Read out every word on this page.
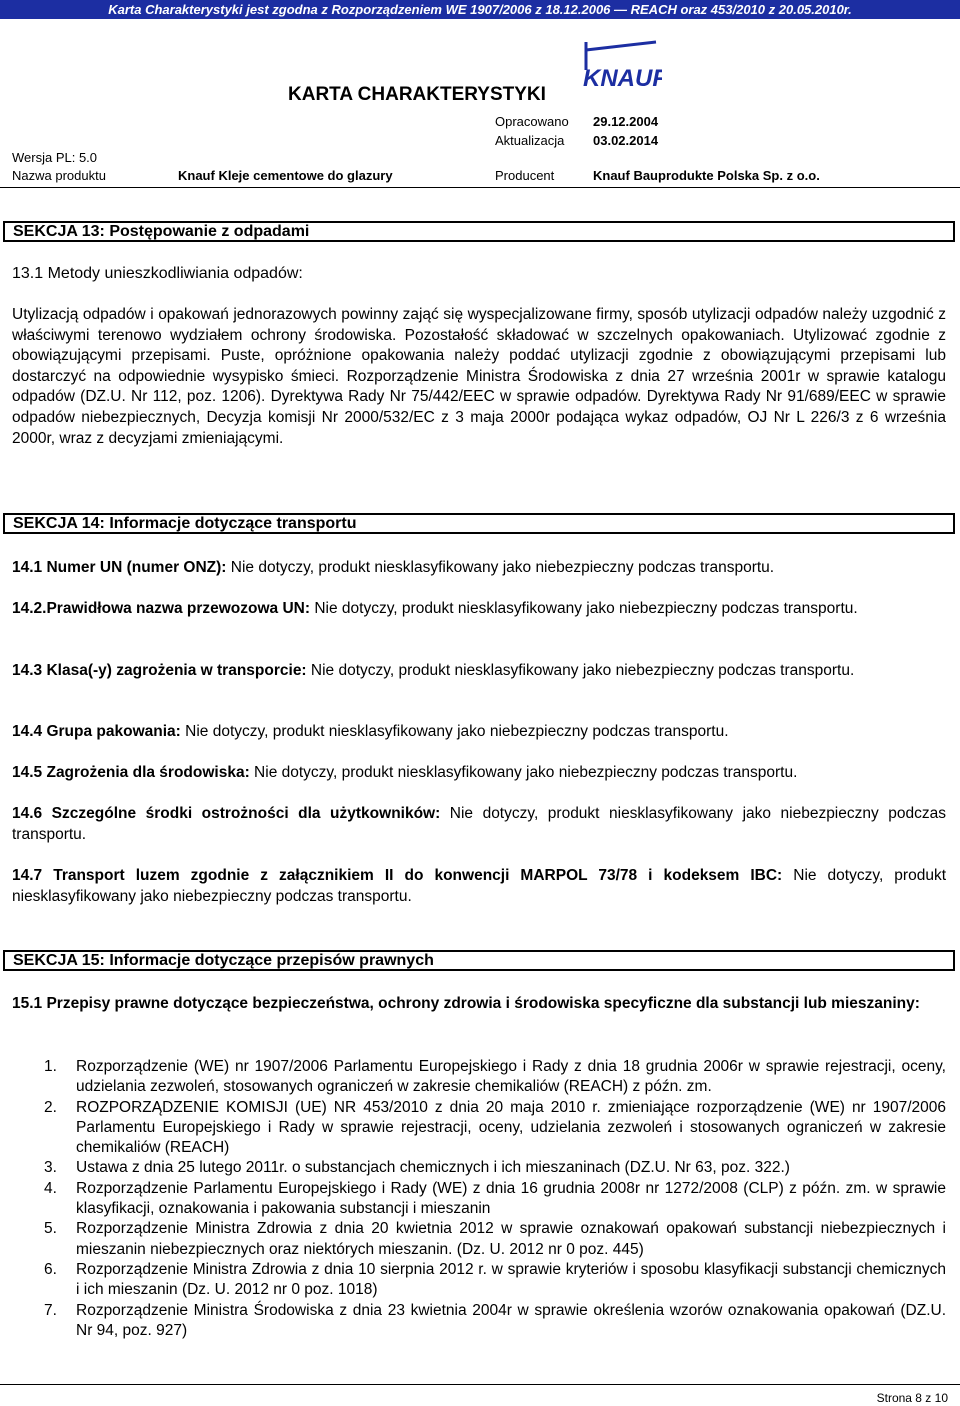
Karta Charakterystyki jest zgodna z Rozporządzeniem WE 1907/2006 z 18.12.2006 — REACH oraz 453/2010 z 20.05.2010r.
KARTA CHARAKTERYSTYKI
KNAUF
Opracowano 29.12.2004
Aktualizacja 03.02.2014
Wersja PL: 5.0
Nazwa produktu	Knauf Kleje cementowe do glazury	Producent	Knauf Bauprodukte Polska Sp. z o.o.
SEKCJA 13: Postępowanie z odpadami
13.1 Metody unieszkodliwiania odpadów:
Utylizacją odpadów i opakowań jednorazowych powinny zająć się wyspecjalizowane firmy, sposób utylizacji odpadów należy uzgodnić z właściwymi terenowo wydziałem ochrony środowiska. Pozostałość składować w szczelnych opakowaniach. Utylizować zgodnie z obowiązującymi przepisami. Puste, opróżnione opakowania należy poddać utylizacji zgodnie z obowiązującymi przepisami lub dostarczyć na odpowiednie wysypisko śmieci. Rozporządzenie Ministra Środowiska z dnia 27 września 2001r w sprawie katalogu odpadów (DZ.U. Nr 112, poz. 1206). Dyrektywa Rady Nr 75/442/EEC w sprawie odpadów. Dyrektywa Rady Nr 91/689/EEC w sprawie odpadów niebezpiecznych, Decyzja komisji Nr 2000/532/EC z 3 maja 2000r podająca wykaz odpadów, OJ Nr L 226/3 z 6 września 2000r, wraz z decyzjami zmieniającymi.
SEKCJA 14: Informacje dotyczące transportu
14.1 Numer UN (numer ONZ): Nie dotyczy, produkt niesklasyfikowany jako niebezpieczny podczas transportu.
14.2.Prawidłowa nazwa przewozowa UN: Nie dotyczy, produkt niesklasyfikowany jako niebezpieczny podczas transportu.
14.3 Klasa(-y) zagrożenia w transporcie: Nie dotyczy, produkt niesklasyfikowany jako niebezpieczny podczas transportu.
14.4 Grupa pakowania: Nie dotyczy, produkt niesklasyfikowany jako niebezpieczny podczas transportu.
14.5 Zagrożenia dla środowiska: Nie dotyczy, produkt niesklasyfikowany jako niebezpieczny podczas transportu.
14.6 Szczególne środki ostrożności dla użytkowników: Nie dotyczy, produkt niesklasyfikowany jako niebezpieczny podczas transportu.
14.7 Transport luzem zgodnie z załącznikiem II do konwencji MARPOL 73/78 i kodeksem IBC: Nie dotyczy, produkt niesklasyfikowany jako niebezpieczny podczas transportu.
SEKCJA 15: Informacje dotyczące przepisów prawnych
15.1 Przepisy prawne dotyczące bezpieczeństwa, ochrony zdrowia i środowiska specyficzne dla substancji lub mieszaniny:
1.	Rozporządzenie (WE) nr 1907/2006 Parlamentu Europejskiego i Rady z dnia 18 grudnia 2006r w sprawie rejestracji, oceny, udzielania zezwoleń, stosowanych ograniczeń w zakresie chemikaliów (REACH) z późn. zm.
2.	ROZPORZĄDZENIE KOMISJI (UE) NR 453/2010 z dnia 20 maja 2010 r. zmieniające rozporządzenie (WE) nr 1907/2006 Parlamentu Europejskiego i Rady w sprawie rejestracji, oceny, udzielania zezwoleń i stosowanych ograniczeń w zakresie chemikaliów (REACH)
3.	Ustawa z dnia 25 lutego 2011r. o substancjach chemicznych i ich mieszaninach (DZ.U. Nr 63, poz. 322.)
4.	Rozporządzenie Parlamentu Europejskiego i Rady (WE) z dnia 16 grudnia 2008r nr 1272/2008 (CLP) z późn. zm. w sprawie klasyfikacji, oznakowania i pakowania substancji i mieszanin
5.	Rozporządzenie Ministra Zdrowia z dnia 20 kwietnia 2012 w sprawie oznakowań opakowań substancji niebezpiecznych i mieszanin niebezpiecznych oraz niektórych mieszanin. (Dz. U. 2012 nr 0 poz. 445)
6.	Rozporządzenie Ministra Zdrowia z dnia 10 sierpnia 2012 r. w sprawie kryteriów i sposobu klasyfikacji substancji chemicznych i ich mieszanin (Dz. U. 2012 nr 0 poz. 1018)
7.	Rozporządzenie Ministra Środowiska z dnia 23 kwietnia 2004r w sprawie określenia wzorów oznakowania opakowań (DZ.U. Nr 94, poz. 927)
Strona 8 z 10
